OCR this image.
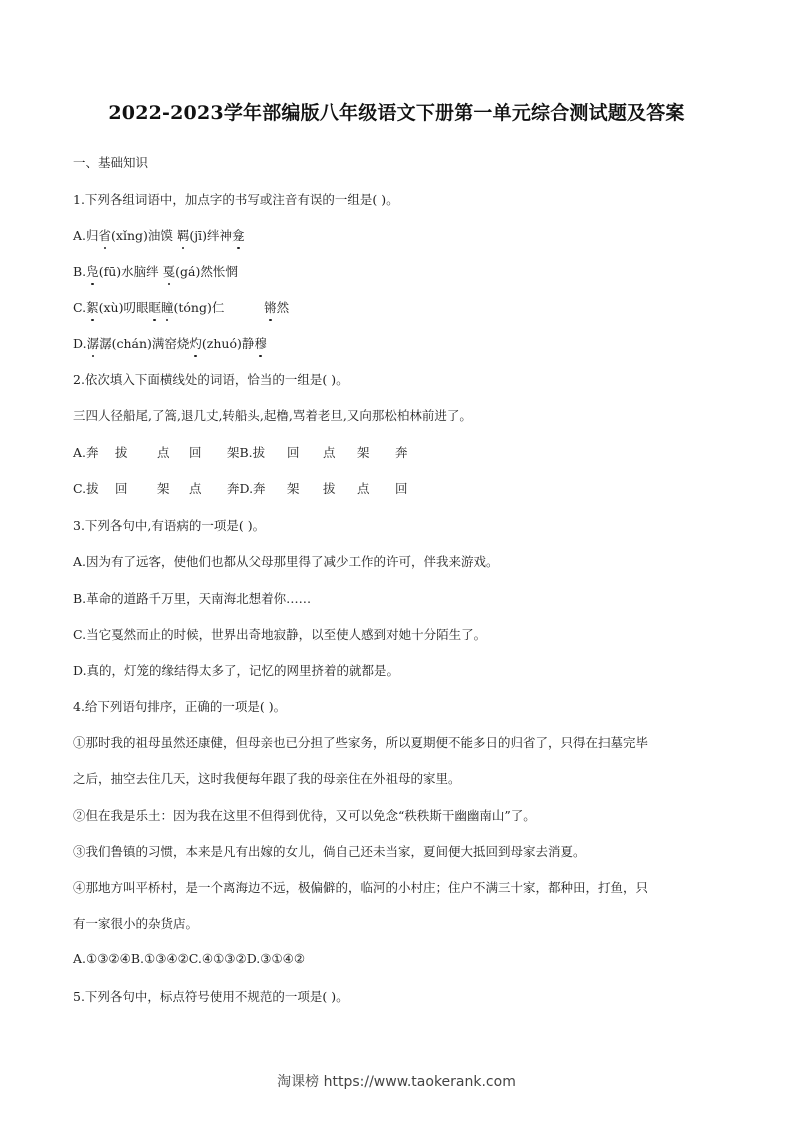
2022-2023学年部编版八年级语文下册第一单元综合测试题及答案
一、基础知识
1.下列各组词语中，加点字的书写或注音有误的一组是( )。
A.归省(xǐng)油馍 羁(jī)绊神龛
B.凫(fū)水脑绊 戛(gá)然怅惘
C.絮(xù)叨眼眶瞳(tóng)仁          锵然
D.潺潺(chán)满窑烧灼(zhuó)静穆
2.依次填入下面横线处的词语，恰当的一组是( )。
三四人径船尾,了篙,退几丈,转船头,起橹,骂着老旦,又向那松柏林前进了。
A.奔 拔 点 回 架B.拔 回 点 架 奔
C.拔 回 架 点 奔D.奔 架 拔 点 回
3.下列各句中,有语病的一项是( )。
A.因为有了远客，使他们也都从父母那里得了减少工作的许可，伴我来游戏。
B.革命的道路千万里，天南海北想着你……
C.当它戛然而止的时候，世界出奇地寂静，以至使人感到对她十分陌生了。
D.真的，灯笼的缘结得太多了，记忆的网里挤着的就都是。
4.给下列语句排序，正确的一项是( )。
①那时我的祖母虽然还康健，但母亲也已分担了些家务，所以夏期便不能多日的归省了，只得在扫墓完毕
之后，抽空去住几天，这时我便每年跟了我的母亲住在外祖母的家里。
②但在我是乐土：因为我在这里不但得到优待，又可以免念“秩秩斯干幽幽南山”了。
③我们鲁镇的习惯，本来是凡有出嫁的女儿，倘自己还未当家，夏间便大抵回到母家去消夏。
④那地方叫平桥村，是一个离海边不远，极偏僻的，临河的小村庄；住户不满三十家，都种田，打鱼，只
有一家很小的杂货店。
A.①③②④B.①③④②C.④①③②D.③①④②
5.下列各句中，标点符号使用不规范的一项是( )。
淘课榜 https://www.taokerank.com
